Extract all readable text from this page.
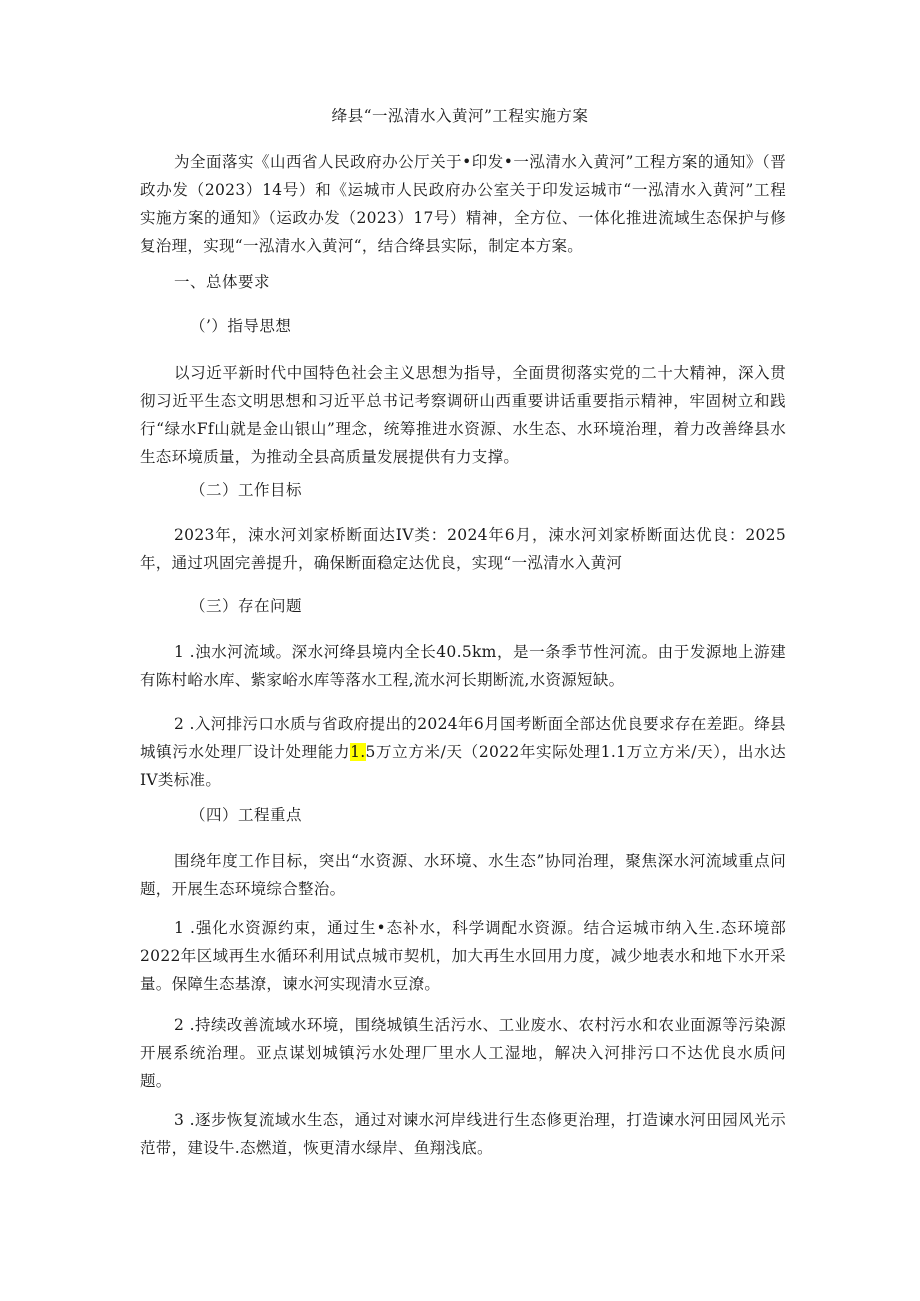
绛县“一泓清水入黄河”工程实施方案
为全面落实《山西省人民政府办公厅关于•印发•一泓清水入黄河”工程方案的通知》（晋政办发（2023）14号）和《运城市人民政府办公室关于印发运城市“一泓清水入黄河”工程实施方案的通知》（运政办发（2023）17号）精神，全方位、一体化推进流域生态保护与修复治理，实现“一泓清水入黄河“，结合绛县实际，制定本方案。
一、总体要求
（’）指导思想
以习近平新时代中国特色社会主义思想为指导，全面贯彻落实党的二十大精神，深入贯彻习近平生态文明思想和习近平总书记考察调研山西重要讲话重要指示精神，牢固树立和践行“绿水Ff山就是金山银山”理念，统筹推进水资源、水生态、水环境治理，着力改善绛县水生态环境质量，为推动全县高质量发展提供有力支撑。
（二）工作目标
2023年，涑水河刘家桥断面达IV类：2024年6月，涑水河刘家桥断面达优良：2025年，通过巩固完善提升，确保断面稳定达优良，实现“一泓清水入黄河
（三）存在问题
1 .浊水河流域。深水河绛县境内全长40.5km，是一条季节性河流。由于发源地上游建有陈村峪水库、紫家峪水库等落水工程,流水河长期断流,水资源短缺。
2 .入河排污口水质与省政府提出的2024年6月国考断面全部达优良要求存在差距。绛县城镇污水处理厂设计处理能力1.5万立方米/天（2022年实际处理1.1万立方米/天），出水达IV类标准。
（四）工程重点
围绕年度工作目标，突出“水资源、水环境、水生态”协同治理，聚焦深水河流域重点问题，开展生态环境综合整治。
1 .强化水资源约束，通过生•态补水，科学调配水资源。结合运城市纳入生.态环境部2022年区域再生水循环利用试点城市契机，加大再生水回用力度，减少地表水和地下水开采量。保障生态基潦，谏水河实现清水豆潦。
2 .持续改善流域水环境，围绕城镇生活污水、工业废水、农村污水和农业面源等污染源开展系统治理。亚点谋划城镇污水处理厂里水人工湿地，解决入河排污口不达优良水质问题。
3 .逐步恢复流域水生态，通过对谏水河岸线进行生态修更治理，打造谏水河田园风光示范带，建设牛.态燃道，恢更清水绿岸、鱼翔浅底。
